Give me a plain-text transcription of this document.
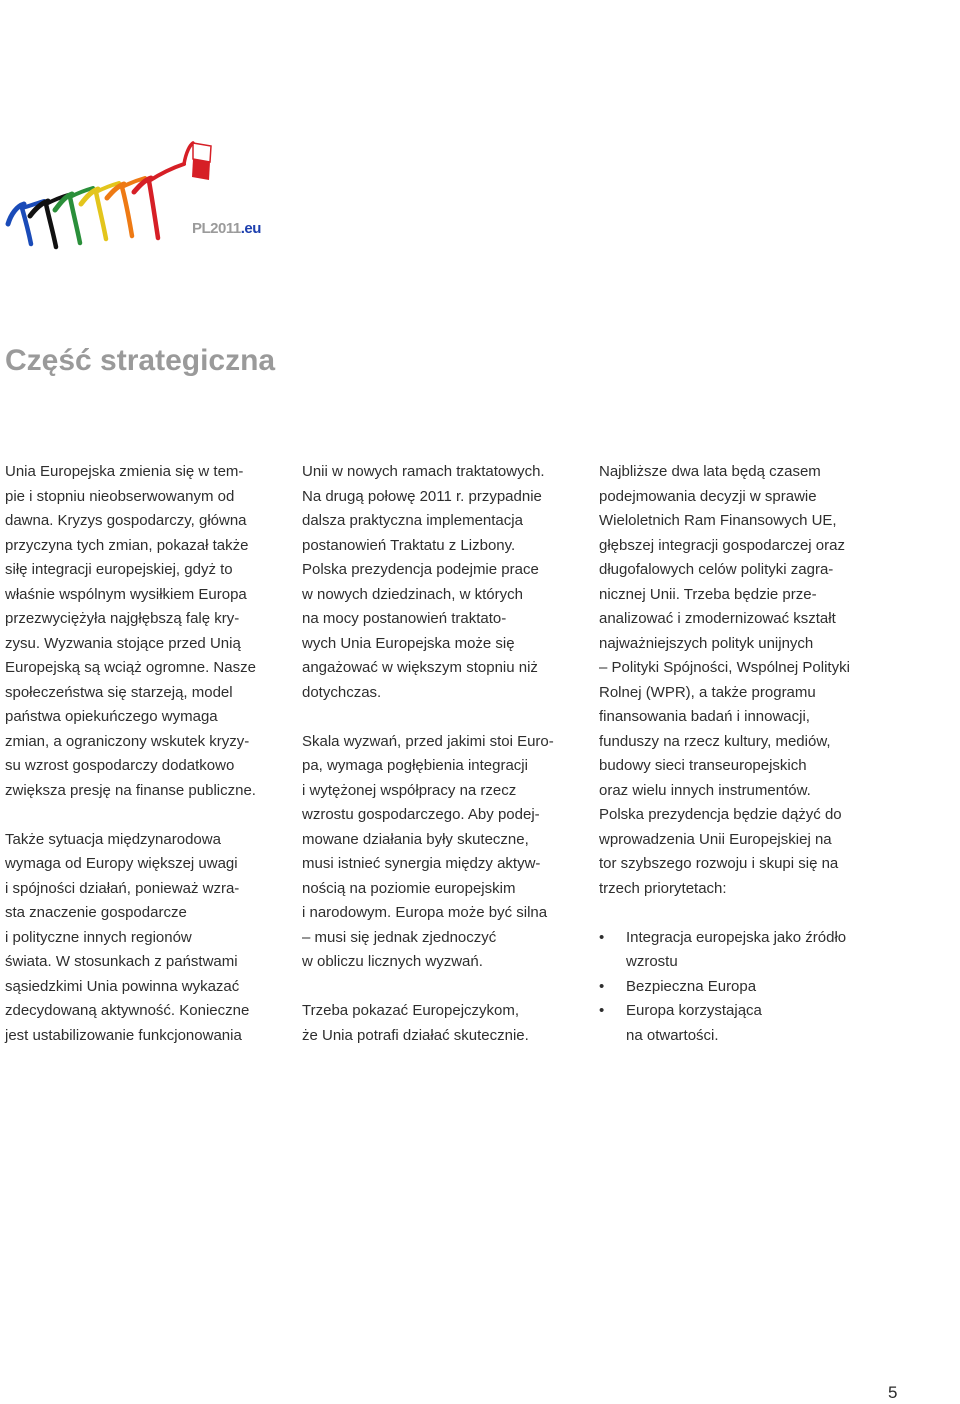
PL2011.eu
Część strategiczna

Unia Europejska zmienia się w tem-
pie i stopniu nieobserwowanym od
dawna. Kryzys gospodarczy, główna
przyczyna tych zmian, pokazał także
siłę integracji europejskiej, gdyż to
właśnie wspólnym wysiłkiem Europa
przezwyciężyła najgłębszą falę kry-
zysu. Wyzwania stojące przed Unią
Europejską są wciąż ogromne. Nasze
społeczeństwa się starzeją, model
państwa opiekuńczego wymaga
zmian, a ograniczony wskutek kryzy-
su wzrost gospodarczy dodatkowo
zwiększa presję na finanse publiczne.

Także sytuacja międzynarodowa
wymaga od Europy większej uwagi
i spójności działań, ponieważ wzra-
sta znaczenie gospodarcze
i polityczne innych regionów
świata. W stosunkach z państwami
sąsiedzkimi Unia powinna wykazać
zdecydowaną aktywność. Konieczne
jest ustabilizowanie funkcjonowania

Unii w nowych ramach traktatowych.
Na drugą połowę 2011 r. przypadnie
dalsza praktyczna implementacja
postanowień Traktatu z Lizbony.
Polska prezydencja podejmie prace
w nowych dziedzinach, w których
na mocy postanowień traktato-
wych Unia Europejska może się
angażować w większym stopniu niż
dotychczas.

Skala wyzwań, przed jakimi stoi Euro-
pa, wymaga pogłębienia integracji
i wytężonej współpracy na rzecz
wzrostu gospodarczego. Aby podej-
mowane działania były skuteczne,
musi istnieć synergia między aktyw-
nością na poziomie europejskim
i narodowym. Europa może być silna
– musi się jednak zjednoczyć
w obliczu licznych wyzwań.

Trzeba pokazać Europejczykom,
że Unia potrafi działać skutecznie.

Najbliższe dwa lata będą czasem
podejmowania decyzji w sprawie
Wieloletnich Ram Finansowych UE,
głębszej integracji gospodarczej oraz
długofalowych celów polityki zagra-
nicznej Unii. Trzeba będzie prze-
analizować i zmodernizować kształt
najważniejszych polityk unijnych
– Polityki Spójności, Wspólnej Polityki
Rolnej (WPR), a także programu
finansowania badań i innowacji,
funduszy na rzecz kultury, mediów,
budowy sieci transeuropejskich
oraz wielu innych instrumentów.
Polska prezydencja będzie dążyć do
wprowadzenia Unii Europejskiej na
tor szybszego rozwoju i skupi się na
trzech priorytetach:

• Integracja europejska jako źródło
wzrostu
• Bezpieczna Europa
• Europa korzystająca
na otwartości.
5
